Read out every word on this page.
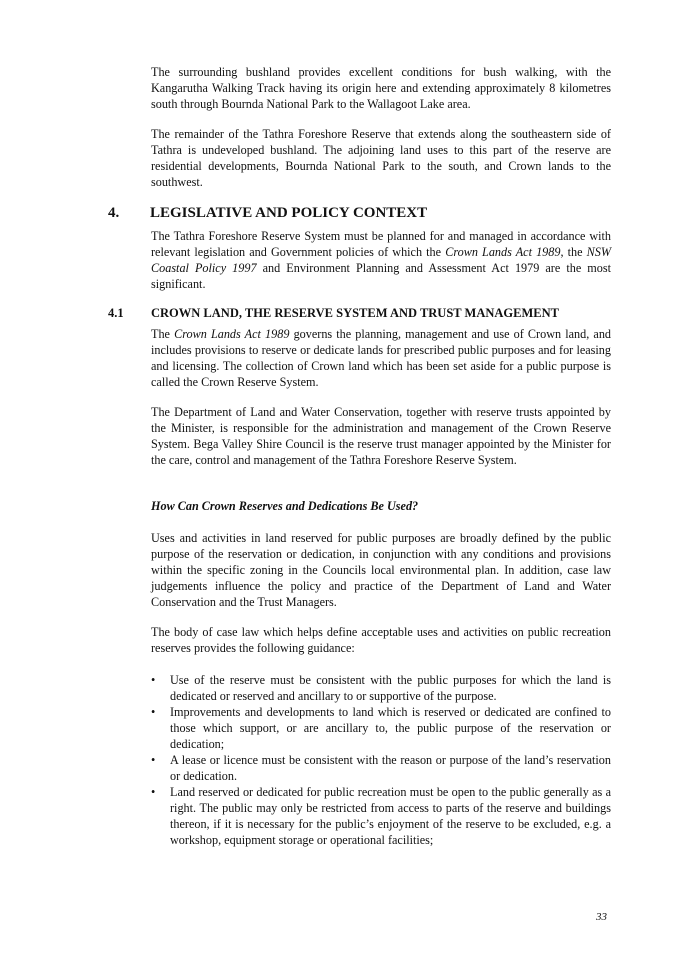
The surrounding bushland provides excellent conditions for bush walking, with the Kangarutha Walking Track having its origin here and extending approximately 8 kilometres south through Bournda National Park to the Wallagoot Lake area.

The remainder of the Tathra Foreshore Reserve that extends along the southeastern side of Tathra is undeveloped bushland. The adjoining land uses to this part of the reserve are residential developments, Bournda National Park to the south, and Crown lands to the southwest.

4. LEGISLATIVE AND POLICY CONTEXT

The Tathra Foreshore Reserve System must be planned for and managed in accordance with relevant legislation and Government policies of which the Crown Lands Act 1989, the NSW Coastal Policy 1997 and Environment Planning and Assessment Act 1979 are the most significant.

4.1 CROWN LAND, THE RESERVE SYSTEM AND TRUST MANAGEMENT

The Crown Lands Act 1989 governs the planning, management and use of Crown land, and includes provisions to reserve or dedicate lands for prescribed public purposes and for leasing and licensing. The collection of Crown land which has been set aside for a public purpose is called the Crown Reserve System.

The Department of Land and Water Conservation, together with reserve trusts appointed by the Minister, is responsible for the administration and management of the Crown Reserve System. Bega Valley Shire Council is the reserve trust manager appointed by the Minister for the care, control and management of the Tathra Foreshore Reserve System.

How Can Crown Reserves and Dedications Be Used?

Uses and activities in land reserved for public purposes are broadly defined by the public purpose of the reservation or dedication, in conjunction with any conditions and provisions within the specific zoning in the Councils local environmental plan. In addition, case law judgements influence the policy and practice of the Department of Land and Water Conservation and the Trust Managers.

The body of case law which helps define acceptable uses and activities on public recreation reserves provides the following guidance:

• Use of the reserve must be consistent with the public purposes for which the land is dedicated or reserved and ancillary to or supportive of the purpose.
• Improvements and developments to land which is reserved or dedicated are confined to those which support, or are ancillary to, the public purpose of the reservation or dedication;
• A lease or licence must be consistent with the reason or purpose of the land’s reservation or dedication.
• Land reserved or dedicated for public recreation must be open to the public generally as a right. The public may only be restricted from access to parts of the reserve and buildings thereon, if it is necessary for the public’s enjoyment of the reserve to be excluded, e.g. a workshop, equipment storage or operational facilities;
33
